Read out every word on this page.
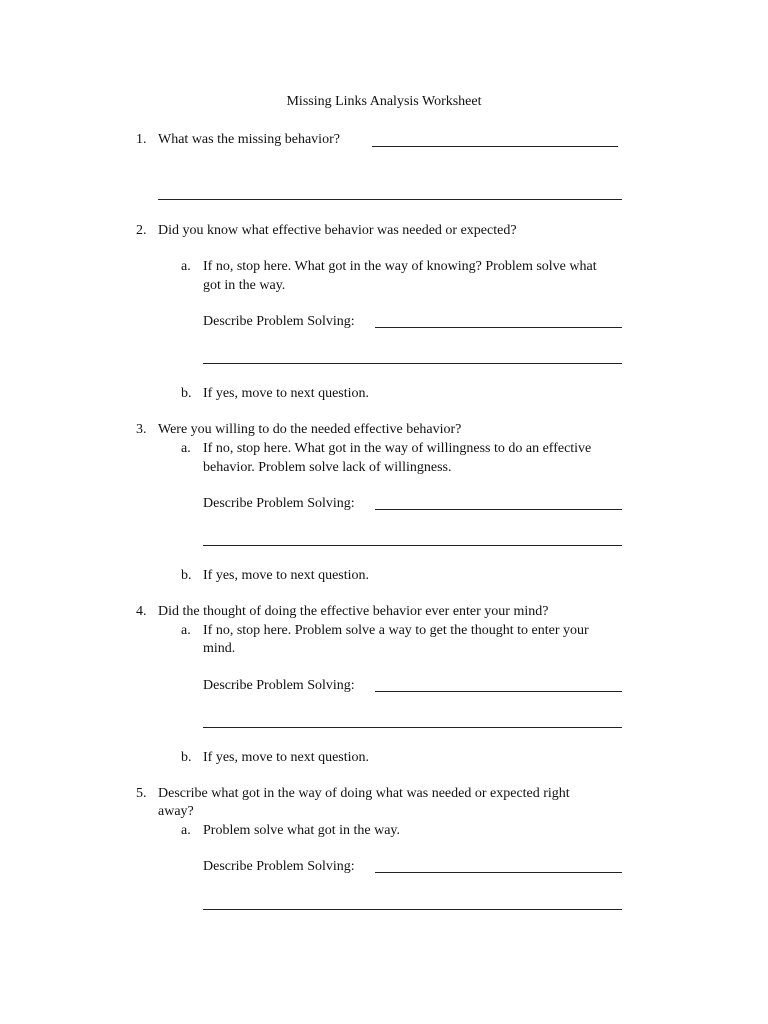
Missing Links Analysis Worksheet
1. What was the missing behavior?
2. Did you know what effective behavior was needed or expected?
a. If no, stop here. What got in the way of knowing? Problem solve what
got in the way.
Describe Problem Solving:
b. If yes, move to next question.
3. Were you willing to do the needed effective behavior?
a. If no, stop here. What got in the way of willingness to do an effective
behavior. Problem solve lack of willingness.
Describe Problem Solving:
b. If yes, move to next question.
4. Did the thought of doing the effective behavior ever enter your mind?
a. If no, stop here. Problem solve a way to get the thought to enter your
mind.
Describe Problem Solving:
b. If yes, move to next question.
5. Describe what got in the way of doing what was needed or expected right
away?
a. Problem solve what got in the way.
Describe Problem Solving:
